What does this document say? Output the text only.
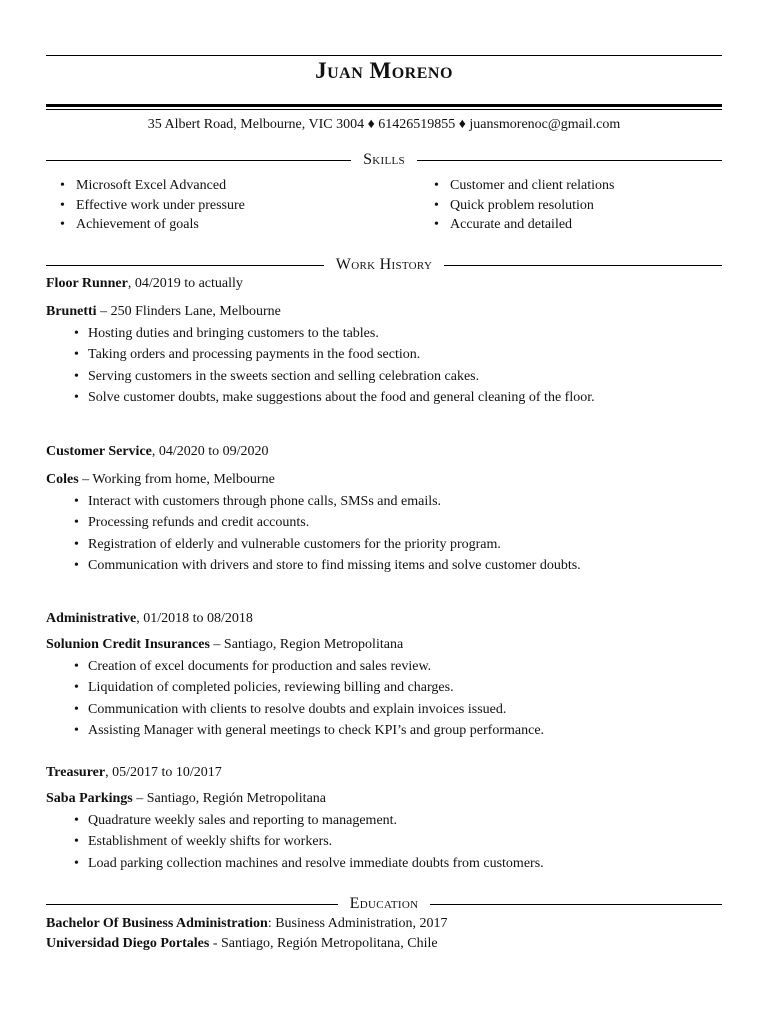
Juan Moreno
35 Albert Road, Melbourne, VIC 3004 ♦ 61426519855 ♦ juansmorenoc@gmail.com
Skills
• Microsoft Excel Advanced
• Effective work under pressure
• Achievement of goals
• Customer and client relations
• Quick problem resolution
• Accurate and detailed
Work History
Floor Runner, 04/2019 to actually
Brunetti – 250 Flinders Lane, Melbourne
• Hosting duties and bringing customers to the tables.
• Taking orders and processing payments in the food section.
• Serving customers in the sweets section and selling celebration cakes.
• Solve customer doubts, make suggestions about the food and general cleaning of the floor.
Customer Service, 04/2020 to 09/2020
Coles – Working from home, Melbourne
• Interact with customers through phone calls, SMSs and emails.
• Processing refunds and credit accounts.
• Registration of elderly and vulnerable customers for the priority program.
• Communication with drivers and store to find missing items and solve customer doubts.
Administrative, 01/2018 to 08/2018
Solunion Credit Insurances – Santiago, Region Metropolitana
• Creation of excel documents for production and sales review.
• Liquidation of completed policies, reviewing billing and charges.
• Communication with clients to resolve doubts and explain invoices issued.
• Assisting Manager with general meetings to check KPI’s and group performance.
Treasurer, 05/2017 to 10/2017
Saba Parkings – Santiago, Región Metropolitana
• Quadrature weekly sales and reporting to management.
• Establishment of weekly shifts for workers.
• Load parking collection machines and resolve immediate doubts from customers.
Education
Bachelor Of Business Administration: Business Administration, 2017
Universidad Diego Portales - Santiago, Región Metropolitana, Chile
